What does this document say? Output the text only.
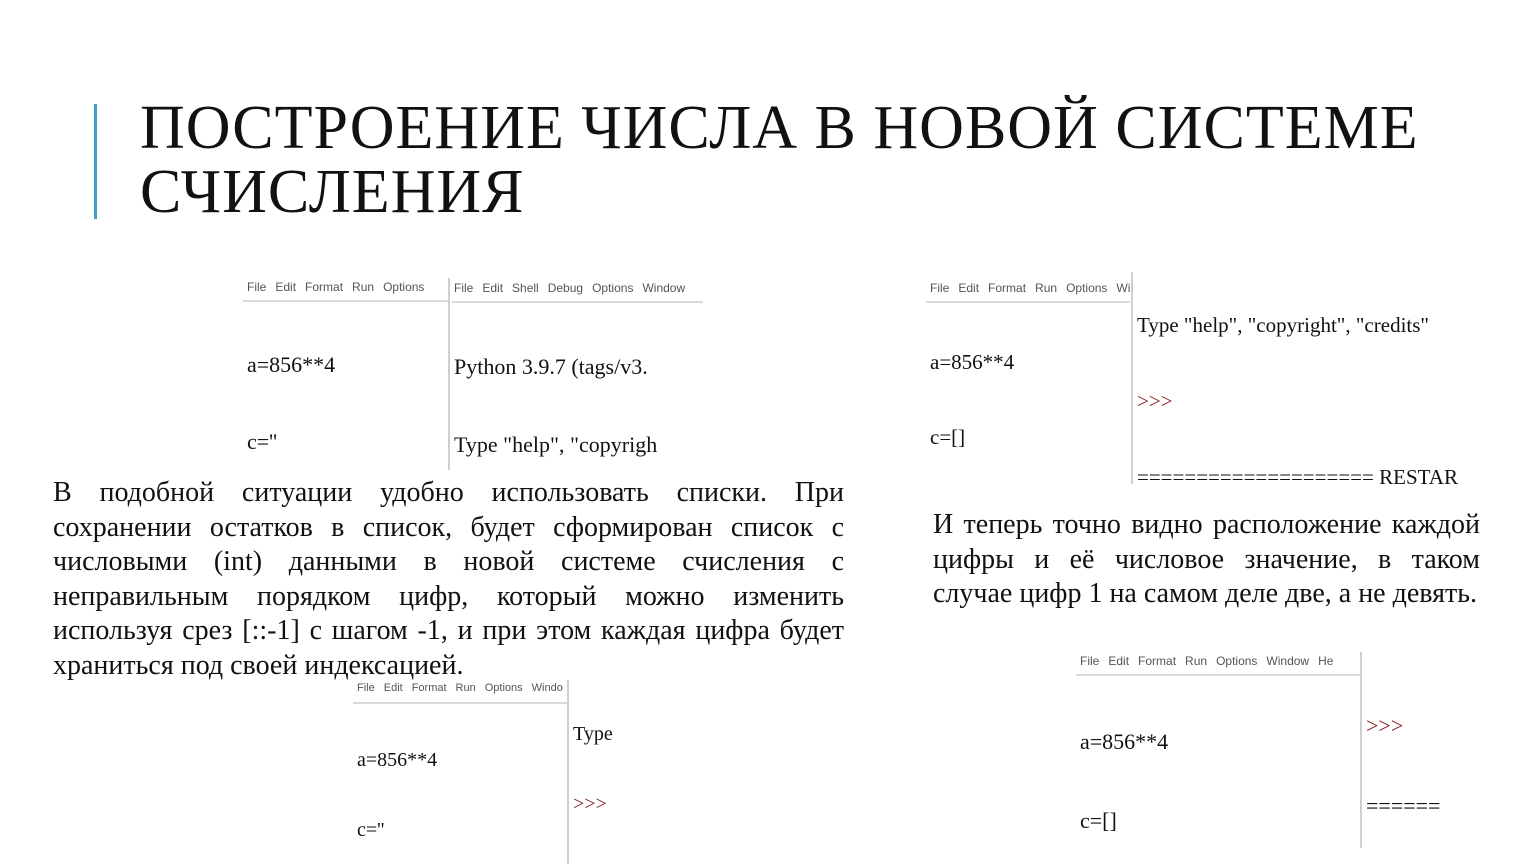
ПОСТРОЕНИЕ ЧИСЛА В НОВОЙ СИСТЕМЕ
СЧИСЛЕНИЯ
File Edit Format Run Options

a=856**4

c=''

File Edit Shell Debug Options Window

Python 3.9.7 (tags/v3.

Type "help", "copyrigh

File Edit Format Run Options Wi

a=856**4

c=[]

Type "help", "copyright", "credits"

>>>

==================== RESTAR

В подобной ситуации удобно использовать списки. При сохранении остатков в список, будет сформирован список с числовыми (int) данными в новой системе счисления с неправильным порядком цифр, который можно изменить используя срез [::-1] с шагом -1, и при этом каждая цифра будет храниться под своей индексацией.
И теперь точно видно расположение каждой цифры и её числовое значение, в таком случае цифр 1 на самом деле две, а не девять.
File Edit Format Run Options Windo

a=856**4

c=''

Type

>>>

File Edit Format Run Options Window He

a=856**4

c=[]

>>>

======
